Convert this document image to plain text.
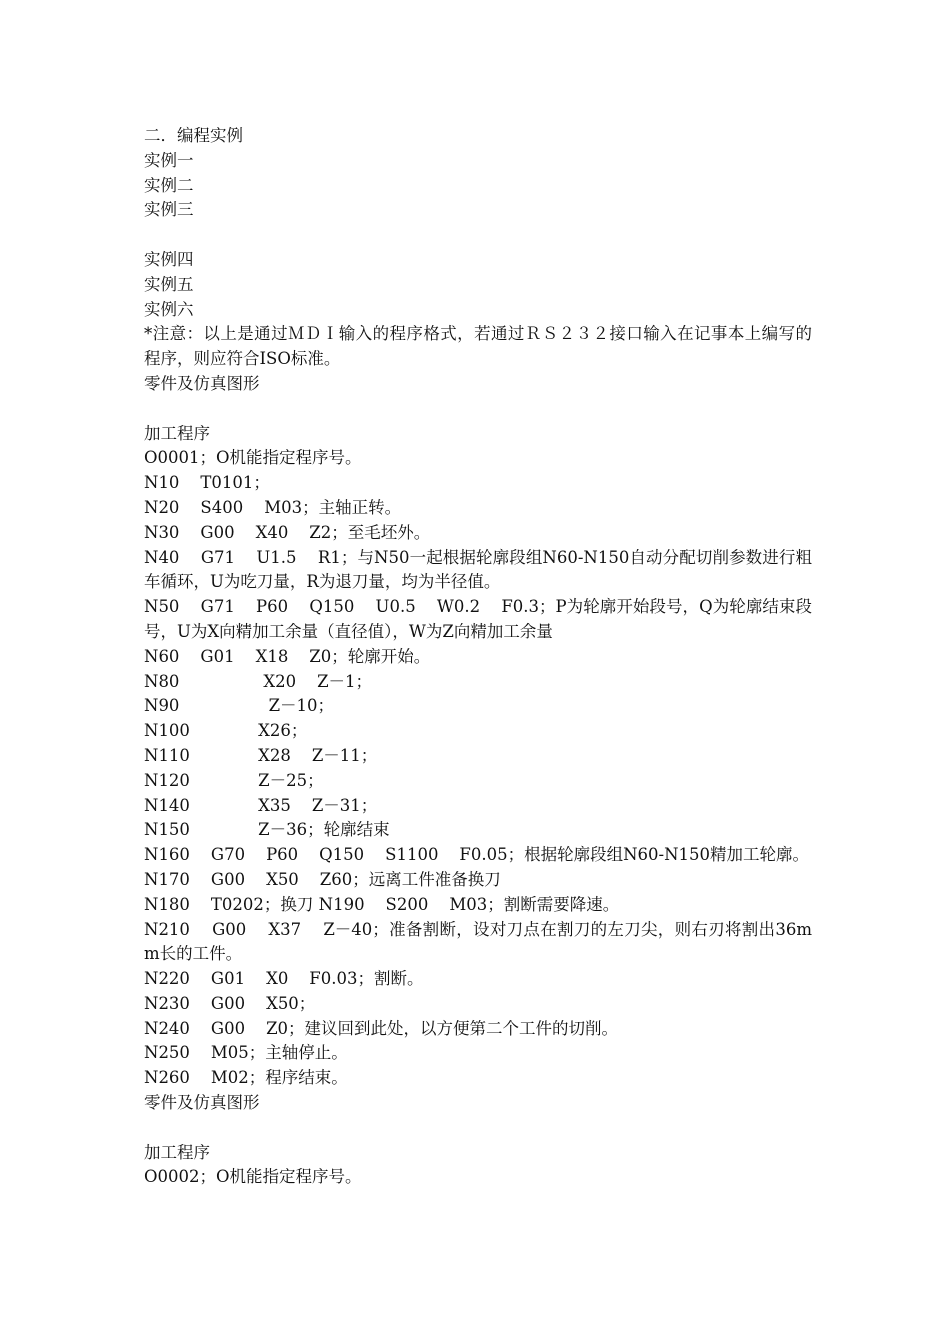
二．编程实例

实例一

实例二

实例三

实例四

实例五

实例六

*注意：以上是通过ＭＤＩ输入的程序格式，若通过ＲＳ２３２接口输入在记事本上编写的程序，则应符合ISO标准。

零件及仿真图形

加工程序

O0001；O机能指定程序号。

N10    T0101；

N20    S400    M03；主轴正转。

N30    G00    X40    Z2；至毛坯外。

N40    G71    U1.5    R1；与N50一起根据轮廓段组N60-N150自动分配切削参数进行粗车循环，U为吃刀量，R为退刀量，均为半径值。

N50    G71    P60    Q150    U0.5    W0.2    F0.3；P为轮廓开始段号，Q为轮廓结束段号，U为X向精加工余量（直径值），W为Z向精加工余量

N60    G01    X18    Z0；轮廓开始。

N80                X20    Z－1；

N90                 Z－10；

N100             X26；

N110             X28    Z－11；

N120             Z－25；

N140             X35    Z－31；

N150             Z－36；轮廓结束

N160    G70    P60    Q150    S1100    F0.05；根据轮廓段组N60-N150精加工轮廓。

N170    G00    X50    Z60；远离工件准备换刀

N180    T0202；换刀 N190    S200    M03；割断需要降速。

N210    G00    X37    Z－40；准备割断，设对刀点在割刀的左刀尖，则右刃将割出36mm长的工件。

N220    G01    X0    F0.03；割断。

N230    G00    X50；

N240    G00    Z0；建议回到此处，以方便第二个工件的切削。

N250    M05；主轴停止。

N260    M02；程序结束。

零件及仿真图形

加工程序

O0002；O机能指定程序号。
